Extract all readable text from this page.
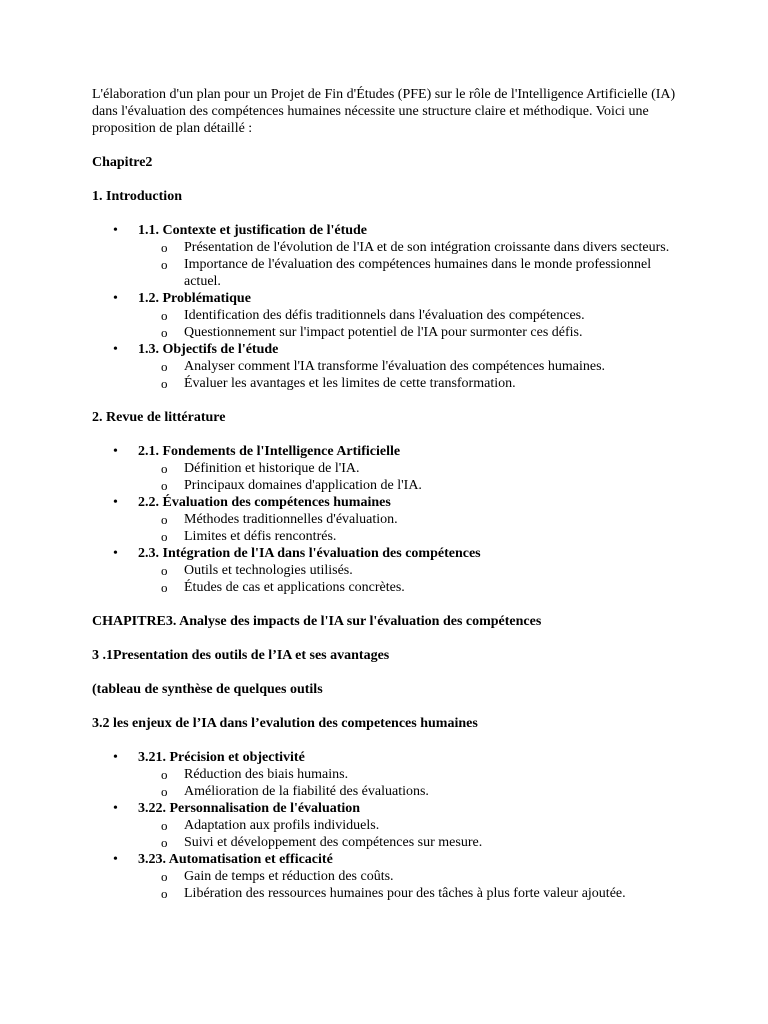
L'élaboration d'un plan pour un Projet de Fin d'Études (PFE) sur le rôle de l'Intelligence Artificielle (IA) dans l'évaluation des compétences humaines nécessite une structure claire et méthodique. Voici une proposition de plan détaillé :

Chapitre2

1. Introduction

• 1.1. Contexte et justification de l'étude
o Présentation de l'évolution de l'IA et de son intégration croissante dans divers secteurs.
o Importance de l'évaluation des compétences humaines dans le monde professionnel actuel.
• 1.2. Problématique
o Identification des défis traditionnels dans l'évaluation des compétences.
o Questionnement sur l'impact potentiel de l'IA pour surmonter ces défis.
• 1.3. Objectifs de l'étude
o Analyser comment l'IA transforme l'évaluation des compétences humaines.
o Évaluer les avantages et les limites de cette transformation.

2. Revue de littérature

• 2.1. Fondements de l'Intelligence Artificielle
o Définition et historique de l'IA.
o Principaux domaines d'application de l'IA.
• 2.2. Évaluation des compétences humaines
o Méthodes traditionnelles d'évaluation.
o Limites et défis rencontrés.
• 2.3. Intégration de l'IA dans l'évaluation des compétences
o Outils et technologies utilisés.
o Études de cas et applications concrètes.

CHAPITRE3. Analyse des impacts de l'IA sur l'évaluation des compétences

3 .1Presentation des outils de l’IA et ses avantages

(tableau de synthèse de quelques outils

3.2 les enjeux de l’IA dans l’evalution des competences humaines

• 3.21. Précision et objectivité
o Réduction des biais humains.
o Amélioration de la fiabilité des évaluations.
• 3.22. Personnalisation de l'évaluation
o Adaptation aux profils individuels.
o Suivi et développement des compétences sur mesure.
• 3.23. Automatisation et efficacité
o Gain de temps et réduction des coûts.
o Libération des ressources humaines pour des tâches à plus forte valeur ajoutée.
